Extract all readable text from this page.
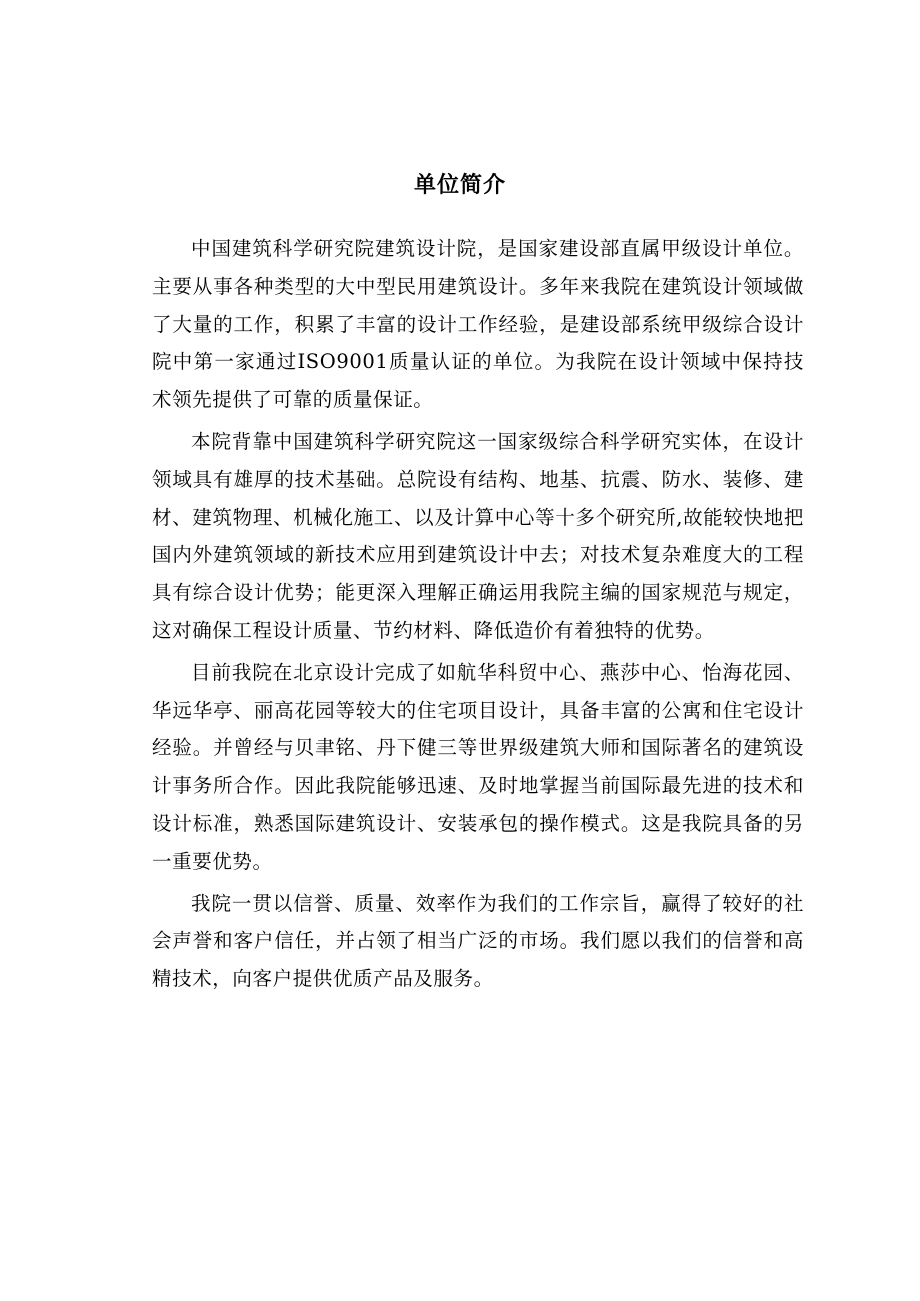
单位简介

中国建筑科学研究院建筑设计院，是国家建设部直属甲级设计单位。主要从事各种类型的大中型民用建筑设计。多年来我院在建筑设计领域做了大量的工作，积累了丰富的设计工作经验，是建设部系统甲级综合设计院中第一家通过ISO9001质量认证的单位。为我院在设计领域中保持技术领先提供了可靠的质量保证。

本院背靠中国建筑科学研究院这一国家级综合科学研究实体，在设计领域具有雄厚的技术基础。总院设有结构、地基、抗震、防水、装修、建材、建筑物理、机械化施工、以及计算中心等十多个研究所,故能较快地把国内外建筑领域的新技术应用到建筑设计中去；对技术复杂难度大的工程具有综合设计优势；能更深入理解正确运用我院主编的国家规范与规定，这对确保工程设计质量、节约材料、降低造价有着独特的优势。

目前我院在北京设计完成了如航华科贸中心、燕莎中心、怡海花园、华远华亭、丽高花园等较大的住宅项目设计，具备丰富的公寓和住宅设计经验。并曾经与贝聿铭、丹下健三等世界级建筑大师和国际著名的建筑设计事务所合作。因此我院能够迅速、及时地掌握当前国际最先进的技术和设计标准，熟悉国际建筑设计、安装承包的操作模式。这是我院具备的另一重要优势。

我院一贯以信誉、质量、效率作为我们的工作宗旨，赢得了较好的社会声誉和客户信任，并占领了相当广泛的市场。我们愿以我们的信誉和高精技术，向客户提供优质产品及服务。
